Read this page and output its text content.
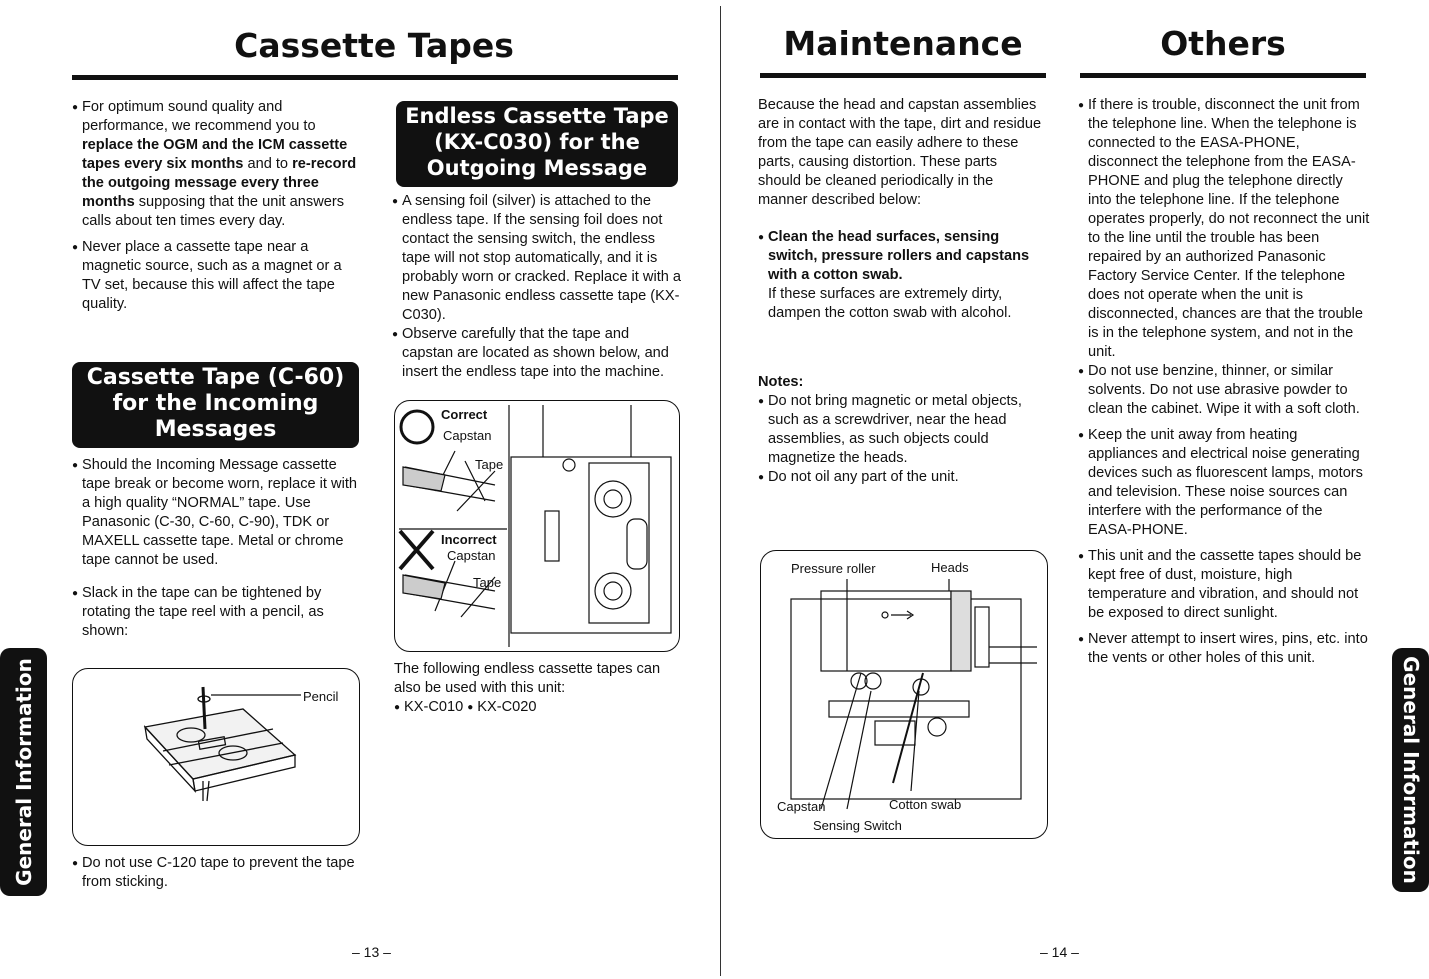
Cassette Tapes

● For optimum sound quality and performance, we recommend you to replace the OGM and the ICM cassette tapes every six months and to re-record the outgoing message every three months supposing that the unit answers calls about ten times every day.

● Never place a cassette tape near a magnetic source, such as a magnet or a TV set, because this will affect the tape quality.

Cassette Tape (C-60)
for the Incoming
Messages

● Should the Incoming Message cassette tape break or become worn, replace it with a high quality “NORMAL” tape. Use Panasonic (C-30, C-60, C-90), TDK or MAXELL cassette tape. Metal or chrome tape cannot be used.

● Slack in the tape can be tightened by rotating the tape reel with a pencil, as shown:

Pencil

● Do not use C-120 tape to prevent the tape from sticking.

Endless Cassette Tape
(KX-C030) for the
Outgoing Message

● A sensing foil (silver) is attached to the endless tape. If the sensing foil does not contact the sensing switch, the endless tape will not stop automatically, and it is probably worn or cracked. Replace it with a new Panasonic endless cassette tape (KX-C030).

● Observe carefully that the tape and capstan are located as shown below, and insert the endless tape into the machine.

Correct
Capstan
Tape
Incorrect
Capstan
Tape

The following endless cassette tapes can also be used with this unit:

● KX-C010 ● KX-C020

General Information
– 13 –
Maintenance

Because the head and capstan assemblies are in contact with the tape, dirt and residue from the tape can easily adhere to these parts, causing distortion. These parts should be cleaned periodically in the manner described below:

● Clean the head surfaces, sensing switch, pressure rollers and capstans with a cotton swab.

If these surfaces are extremely dirty, dampen the cotton swab with alcohol.

Notes:

● Do not bring magnetic or metal objects, such as a screwdriver, near the head assemblies, as such objects could magnetize the heads.

● Do not oil any part of the unit.

Pressure roller	Heads
Capstan	Cotton swab
Sensing Switch
Others

● If there is trouble, disconnect the unit from the telephone line. When the telephone is connected to the EASA-PHONE, disconnect the telephone from the EASA-PHONE and plug the telephone directly into the telephone line. If the telephone operates properly, do not reconnect the unit to the line until the trouble has been repaired by an authorized Panasonic Factory Service Center. If the telephone does not operate when the unit is disconnected, chances are that the trouble is in the telephone system, and not in the unit.

● Do not use benzine, thinner, or similar solvents. Do not use abrasive powder to clean the cabinet. Wipe it with a soft cloth.

● Keep the unit away from heating appliances and electrical noise generating devices such as fluorescent lamps, motors and television. These noise sources can interfere with the performance of the EASA-PHONE.

● This unit and the cassette tapes should be kept free of dust, moisture, high temperature and vibration, and should not be exposed to direct sunlight.

● Never attempt to insert wires, pins, etc. into the vents or other holes of this unit.	General Information
– 14 –
